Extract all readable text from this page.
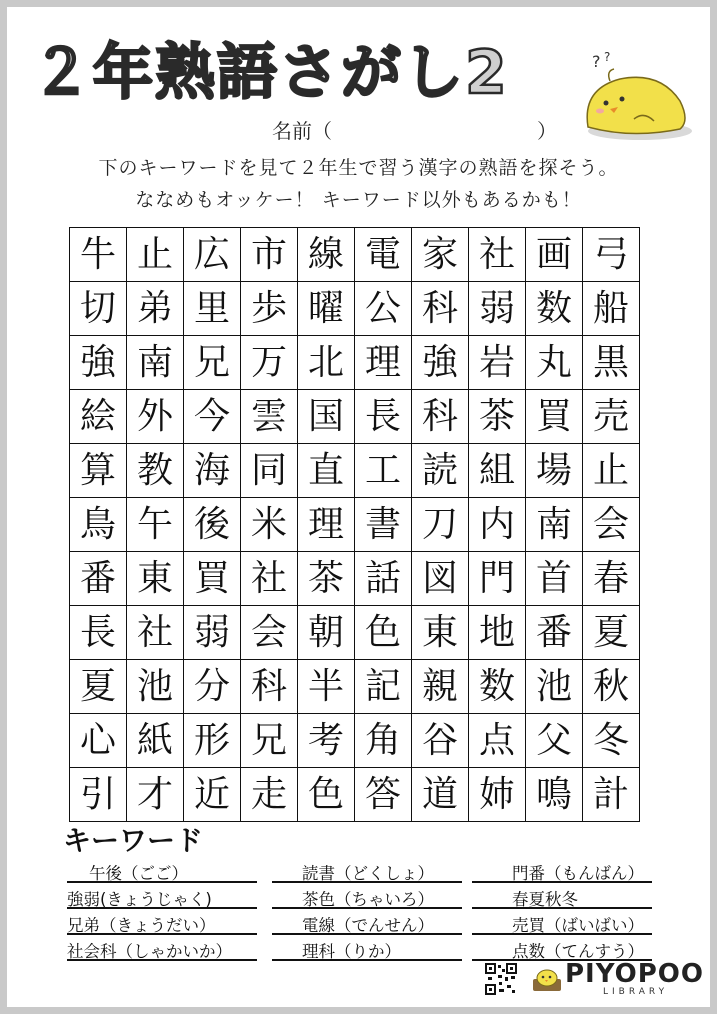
２年熟語さがし2	? ?
名前（	）
下のキーワードを見て２年生で習う漢字の熟語を探そう。
ななめもオッケー！ キーワード以外もあるかも！
牛	止	広	市	線	電	家	社	画	弓
切	弟	里	歩	曜	公	科	弱	数	船
強	南	兄	万	北	理	強	岩	丸	黒
絵	外	今	雲	国	長	科	茶	買	売
算	教	海	同	直	工	読	組	場	止
鳥	午	後	米	理	書	刀	内	南	会
番	東	買	社	茶	話	図	門	首	春
長	社	弱	会	朝	色	東	地	番	夏
夏	池	分	科	半	記	親	数	池	秋
心	紙	形	兄	考	角	谷	点	父	冬
引	才	近	走	色	答	道	姉	鳴	計
キーワード
午後（ごご）
強弱(きょうじゃく)
兄弟（きょうだい）
社会科（しゃかいか）
読書（どくしょ）
茶色（ちゃいろ）
電線（でんせん）
理科（りか）
門番（もんばん）
春夏秋冬
売買（ばいばい）
点数（てんすう）
PIYOPOO
LIBRARY
